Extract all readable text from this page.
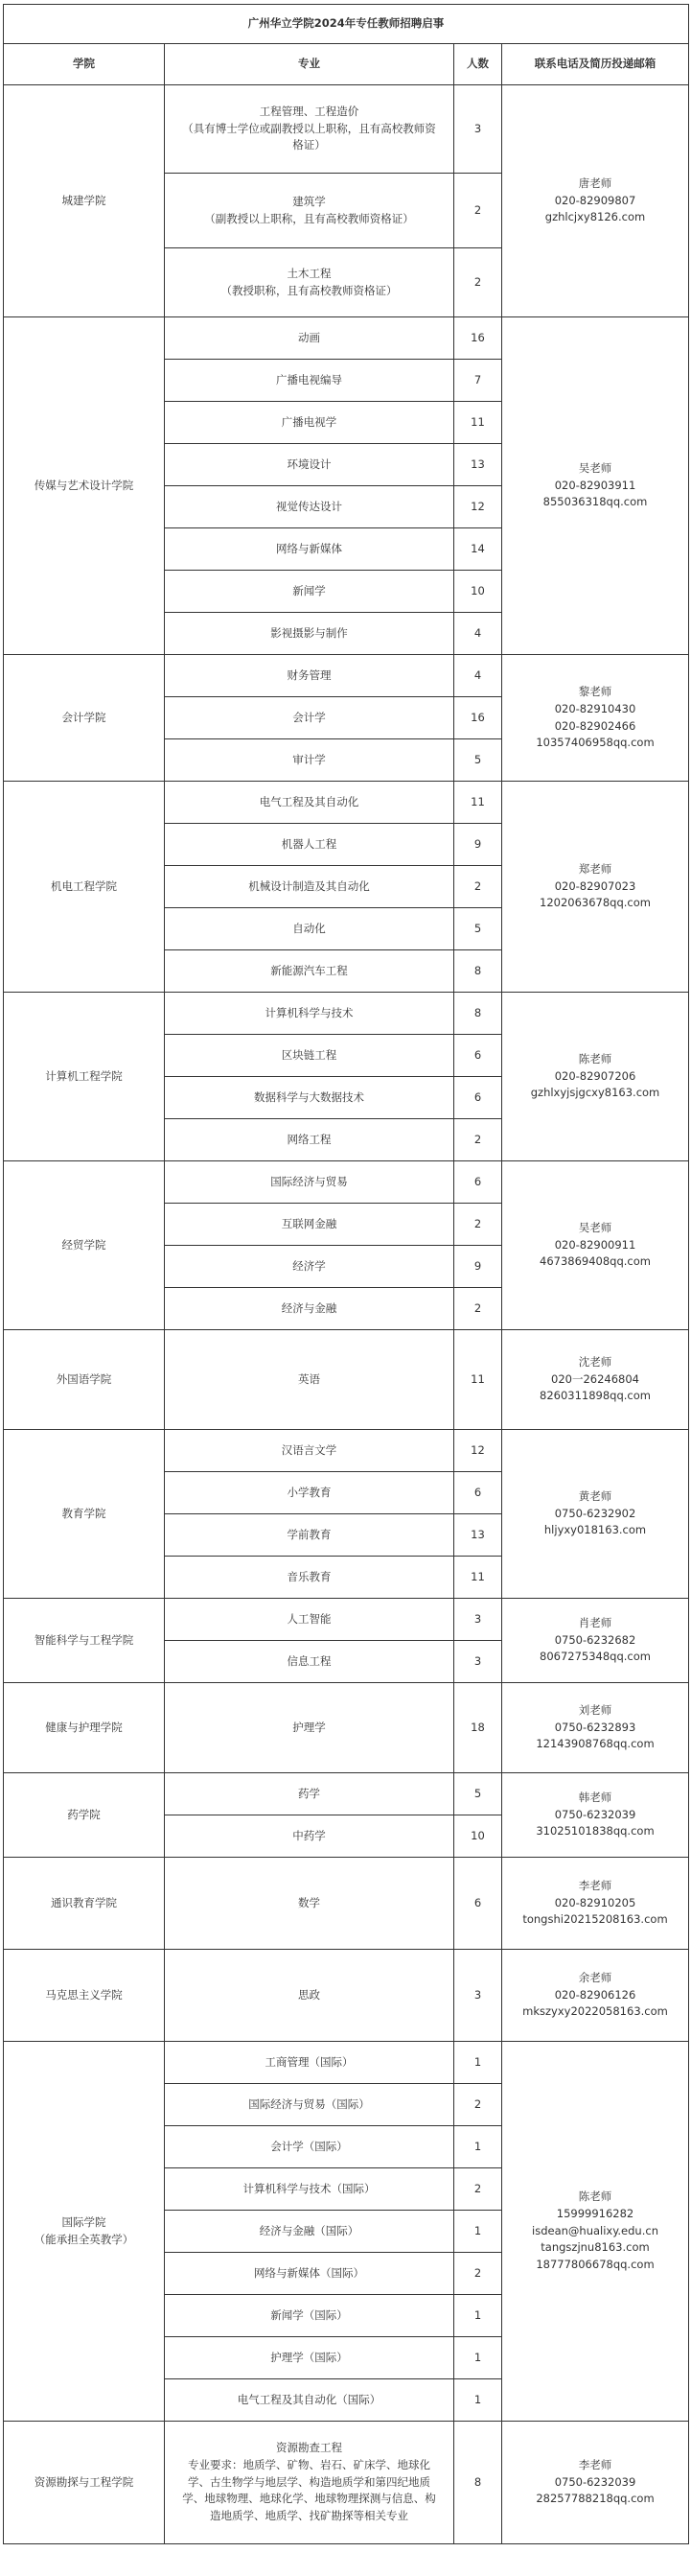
广州华立学院2024年专任教师招聘启事			
学院	专业	人数	联系电话及简历投递邮箱

城建学院	工程管理、工程造价
（具有博士学位或副教授以上职称，且有高校教师资
格证）	3	唐老师
020-82909807
gzhlcjxy8126.com

	建筑学
（副教授以上职称，且有高校教师资格证）	2	

	土木工程
（教授职称，且有高校教师资格证）	2	

传媒与艺术设计学院	动画	16	吴老师
020-82903911
855036318qq.com

	广播电视编导	7	

	广播电视学	11	

	环境设计	13	

	视觉传达设计	12	

	网络与新媒体	14	

	新闻学	10	

	影视摄影与制作	4	

会计学院	财务管理	4	黎老师
020-82910430
020-82902466
10357406958qq.com

	会计学	16	

	审计学	5	

机电工程学院	电气工程及其自动化	11	郑老师
020-82907023
1202063678qq.com

	机器人工程	9	

	机械设计制造及其自动化	2	

	自动化	5	

	新能源汽车工程	8	

计算机工程学院	计算机科学与技术	8	陈老师
020-82907206
gzhlxyjsjgcxy8163.com

	区块链工程	6	

	数据科学与大数据技术	6	

	网络工程	2	

经贸学院	国际经济与贸易	6	吴老师
020-82900911
4673869408qq.com

	互联网金融	2	

	经济学	9	

	经济与金融	2	

外国语学院	英语	11	沈老师
020一26246804
8260311898qq.com

教育学院	汉语言文学	12	黄老师
0750-6232902
hljyxy018163.com

	小学教育	6	

	学前教育	13	

	音乐教育	11	

智能科学与工程学院	人工智能	3	肖老师
0750-6232682
8067275348qq.com

	信息工程	3	

健康与护理学院	护理学	18	刘老师
0750-6232893
12143908768qq.com

药学院	药学	5	韩老师
0750-6232039
31025101838qq.com

	中药学	10	

通识教育学院	数学	6	李老师
020-82910205
tongshi20215208163.com

马克思主义学院	思政	3	余老师
020-82906126
mkszyxy2022058163.com

国际学院
（能承担全英教学）	工商管理（国际）	1	陈老师
15999916282
isdean@hualixy.edu.cn
tangszjnu8163.com
18777806678qq.com

	国际经济与贸易（国际）	2	

	会计学（国际）	1	

	计算机科学与技术（国际）	2	

	经济与金融（国际）	1	

	网络与新媒体（国际）	2	

	新闻学（国际）	1	

	护理学（国际）	1	

	电气工程及其自动化（国际）	1	

资源勘探与工程学院	资源勘查工程
专业要求：地质学、矿物、岩石、矿床学、地球化
学、古生物学与地层学、构造地质学和第四纪地质
学、地球物理、地球化学、地球物理探测与信息、构
造地质学、地质学、找矿勘探等相关专业	8	李老师
0750-6232039
28257788218qq.com
